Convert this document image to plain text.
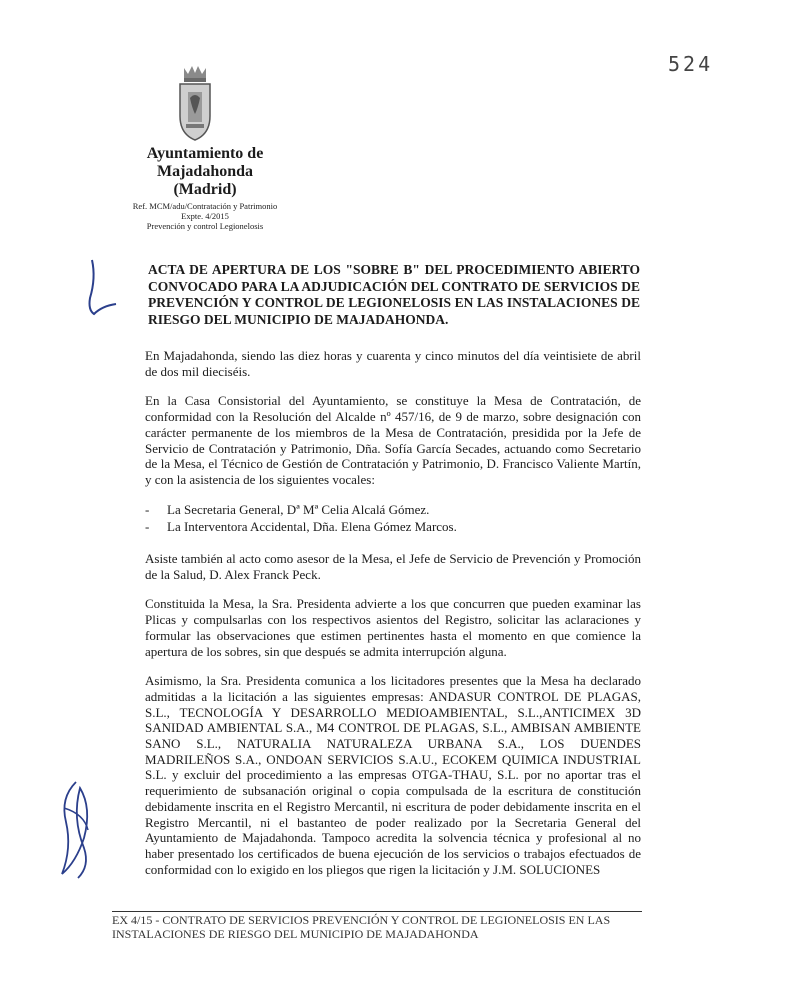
524
Ayuntamiento de
Majadahonda
(Madrid)
Ref. MCM/adu/Contratación y Patrimonio
Expte. 4/2015
Prevención y control Legionelosis
ACTA DE APERTURA DE LOS "SOBRE B" DEL PROCEDIMIENTO ABIERTO CONVOCADO PARA LA ADJUDICACIÓN DEL CONTRATO DE SERVICIOS DE PREVENCIÓN Y CONTROL DE LEGIONELOSIS EN LAS INSTALACIONES DE RIESGO DEL MUNICIPIO DE MAJADAHONDA.

En Majadahonda, siendo las diez horas y cuarenta y cinco minutos del día veintisiete de abril de dos mil dieciséis.

En la Casa Consistorial del Ayuntamiento, se constituye la Mesa de Contratación, de conformidad con la Resolución del Alcalde nº 457/16, de 9 de marzo, sobre designación con carácter permanente de los miembros de la Mesa de Contratación, presidida por la Jefe de Servicio de Contratación y Patrimonio, Dña. Sofía García Secades, actuando como Secretario de la Mesa, el Técnico de Gestión de Contratación y Patrimonio, D. Francisco Valiente Martín, y con la asistencia de los siguientes vocales:

- La Secretaria General, Dª Mª Celia Alcalá Gómez.
- La Interventora Accidental, Dña. Elena Gómez Marcos.

Asiste también al acto como asesor de la Mesa, el Jefe de Servicio de Prevención y Promoción de la Salud, D. Alex Franck Peck.

Constituida la Mesa, la Sra. Presidenta advierte a los que concurren que pueden examinar las Plicas y compulsarlas con los respectivos asientos del Registro, solicitar las aclaraciones y formular las observaciones que estimen pertinentes hasta el momento en que comience la apertura de los sobres, sin que después se admita interrupción alguna.

Asimismo, la Sra. Presidenta comunica a los licitadores presentes que la Mesa ha declarado admitidas a la licitación a las siguientes empresas: ANDASUR CONTROL DE PLAGAS, S.L., TECNOLOGÍA Y DESARROLLO MEDIOAMBIENTAL, S.L.,ANTICIMEX 3D SANIDAD AMBIENTAL S.A., M4 CONTROL DE PLAGAS, S.L., AMBISAN AMBIENTE SANO S.L., NATURALIA NATURALEZA URBANA S.A., LOS DUENDES MADRILEÑOS S.A., ONDOAN SERVICIOS S.A.U., ECOKEM QUIMICA INDUSTRIAL S.L. y excluir del procedimiento a las empresas OTGA-THAU, S.L. por no aportar tras el requerimiento de subsanación original o copia compulsada de la escritura de constitución debidamente inscrita en el Registro Mercantil, ni escritura de poder debidamente inscrita en el Registro Mercantil, ni el bastanteo de poder realizado por la Secretaria General del Ayuntamiento de Majadahonda. Tampoco acredita la solvencia técnica y profesional al no haber presentado los certificados de buena ejecución de los servicios o trabajos efectuados de conformidad con lo exigido en los pliegos que rigen la licitación y J.M. SOLUCIONES

EX 4/15 - CONTRATO DE SERVICIOS PREVENCIÓN Y CONTROL DE LEGIONELOSIS EN LAS INSTALACIONES DE RIESGO DEL MUNICIPIO DE MAJADAHONDA
